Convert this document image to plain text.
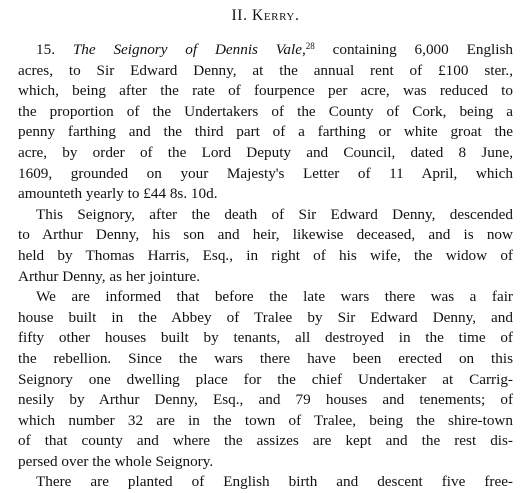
II. Kerry.
15. The Seignory of Dennis Vale,$^{28}$ containing 6,000 English
acres, to Sir Edward Denny, at the annual rent of £100 ster.,
which, being after the rate of fourpence per acre, was reduced to
the proportion of the Undertakers of the County of Cork, being a
penny farthing and the third part of a farthing or white groat the
acre, by order of the Lord Deputy and Council, dated 8 June,
1609, grounded on your Majesty's Letter of 11 April, which
amounteth yearly to £44 8s. 10d.
This Seignory, after the death of Sir Edward Denny, descended
to Arthur Denny, his son and heir, likewise deceased, and is now
held by Thomas Harris, Esq., in right of his wife, the widow of
Arthur Denny, as her jointure.
We are informed that before the late wars there was a fair
house built in the Abbey of Tralee by Sir Edward Denny, and
fifty other houses built by tenants, all destroyed in the time of
the rebellion. Since the wars there have been erected on this
Seignory one dwelling place for the chief Undertaker at Carrig-
nesily by Arthur Denny, Esq., and 79 houses and tenements; of
which number 32 are in the town of Tralee, being the shire-town
of that county and where the assizes are kept and the rest dis-
persed over the whole Seignory.
There are planted of English birth and descent five free-
